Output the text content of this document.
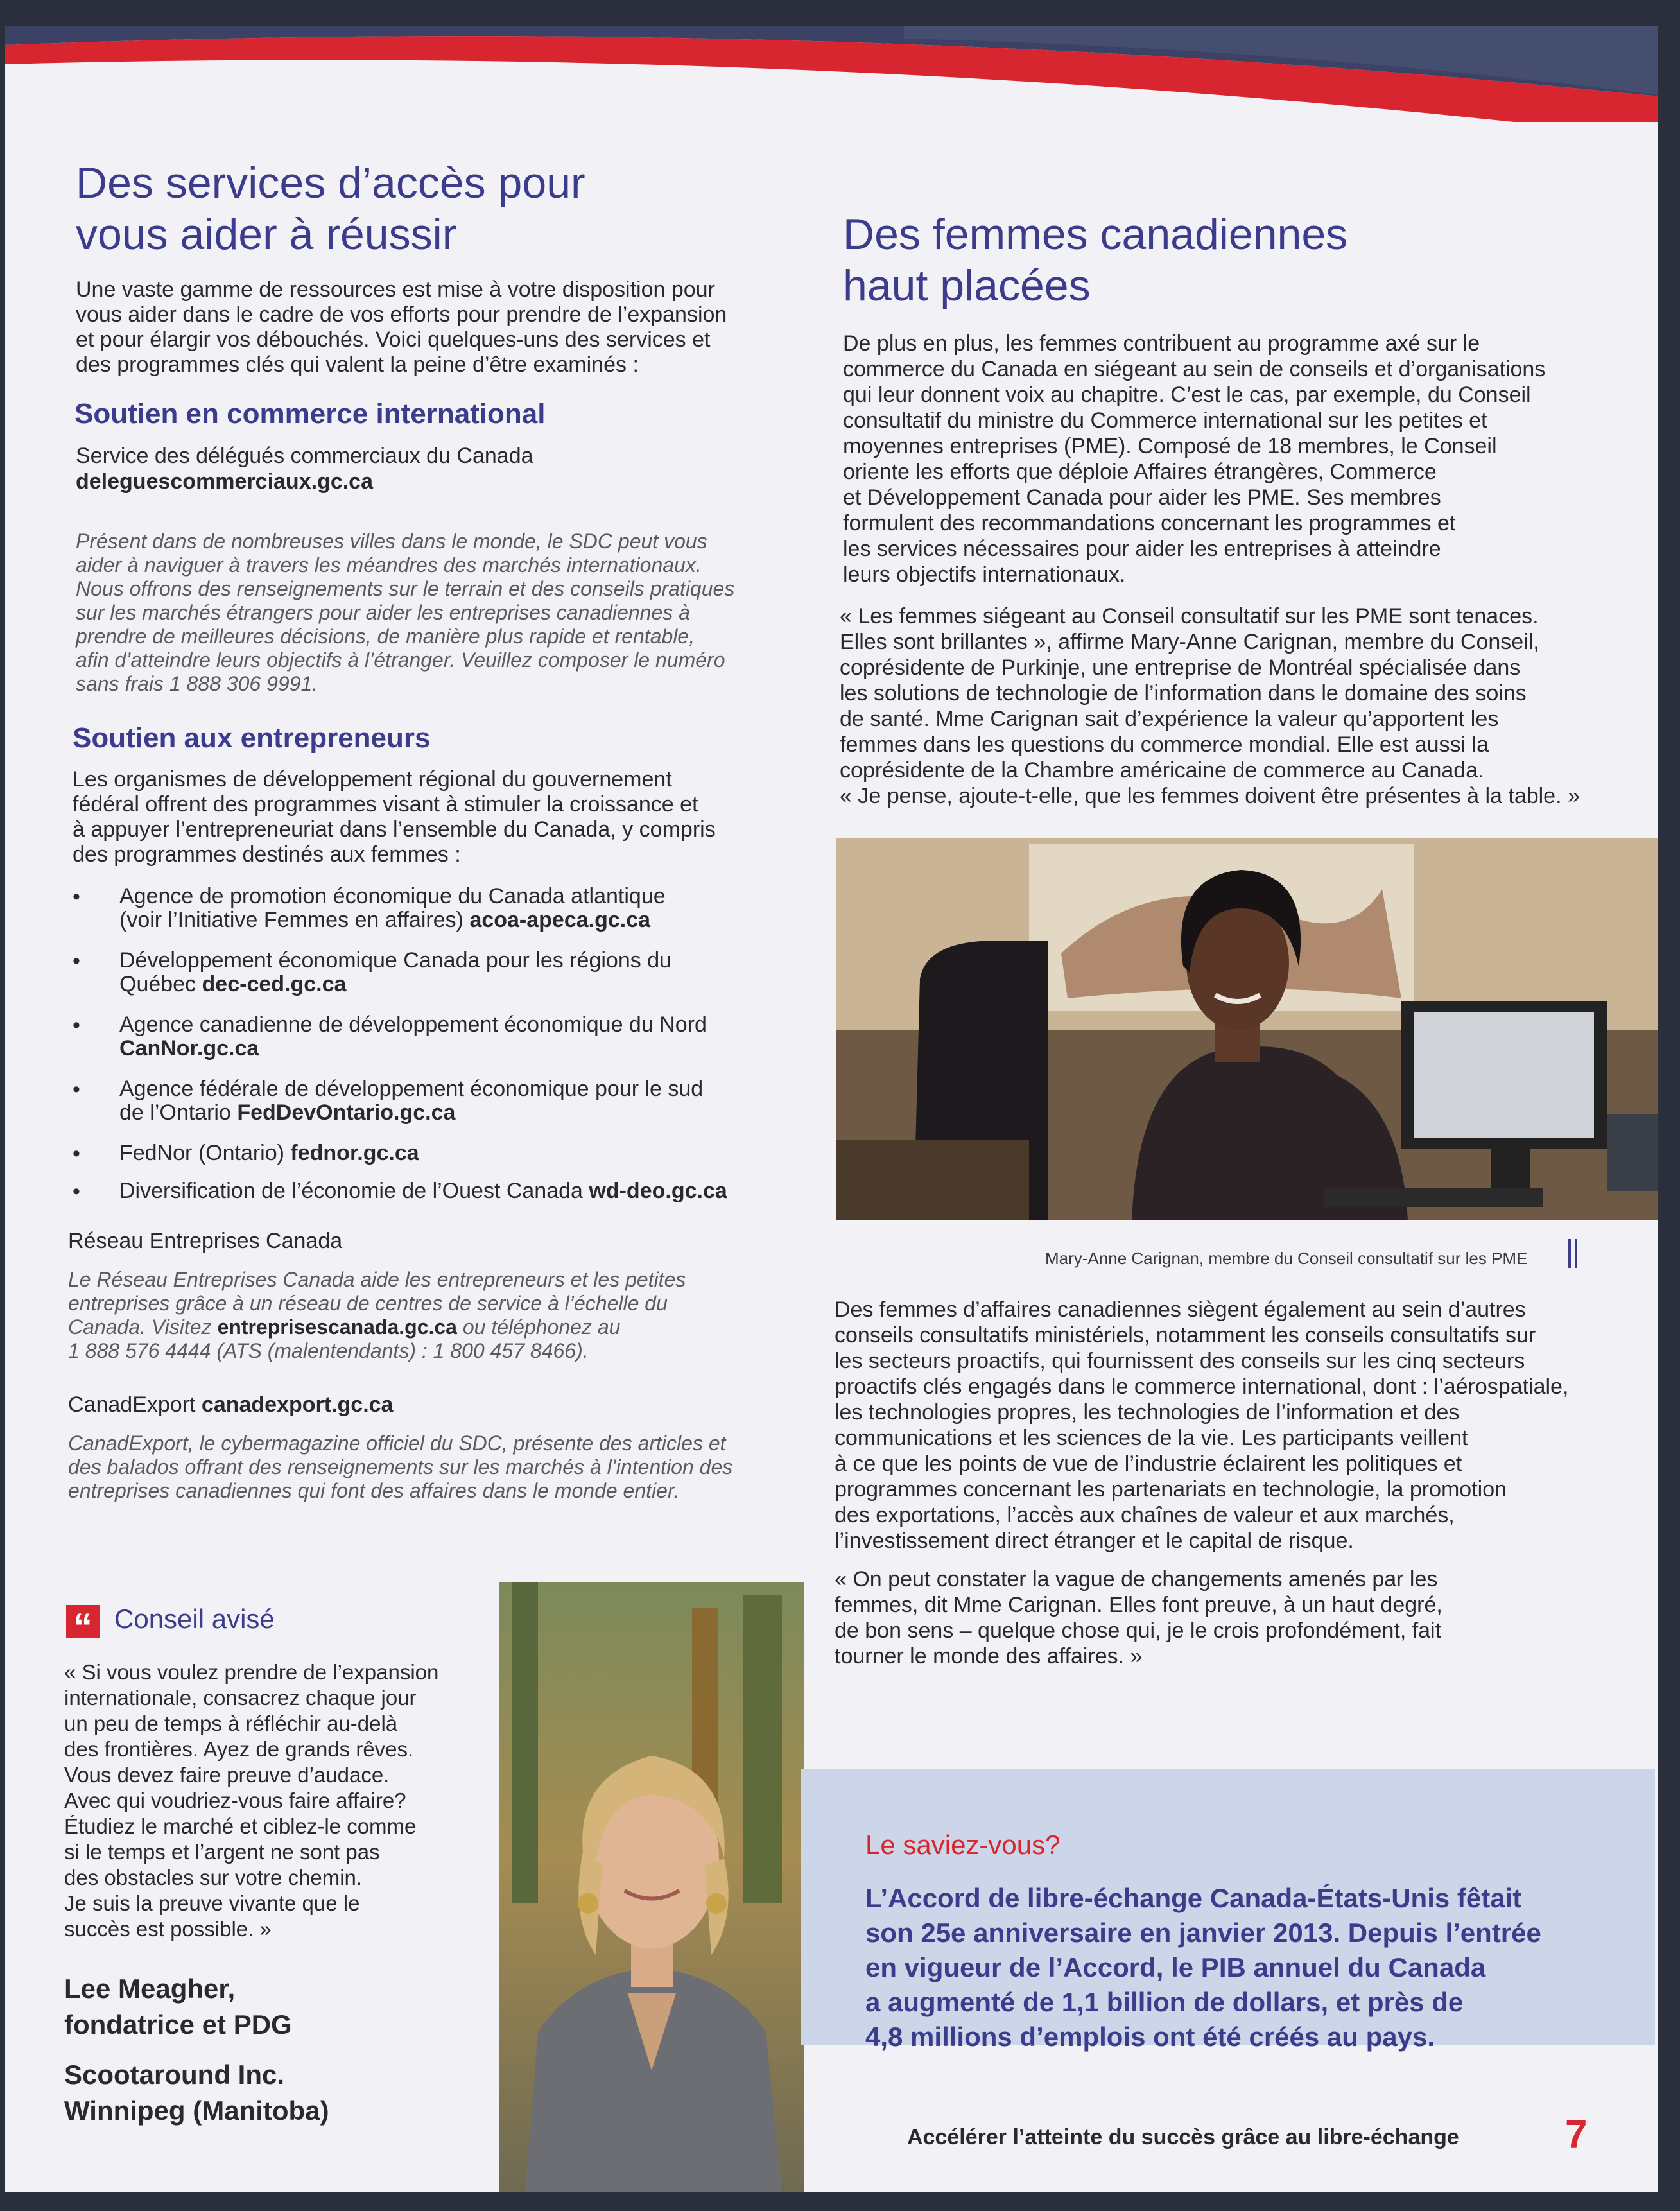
Des services d’accès pour
vous aider à réussir
Une vaste gamme de ressources est mise à votre disposition pour
vous aider dans le cadre de vos efforts pour prendre de l’expansion
et pour élargir vos débouchés. Voici quelques-uns des services et
des programmes clés qui valent la peine d’être examinés :
Soutien en commerce international
Service des délégués commerciaux du Canada
deleguescommerciaux.gc.ca
Présent dans de nombreuses villes dans le monde, le SDC peut vous
aider à naviguer à travers les méandres des marchés internationaux.
Nous offrons des renseignements sur le terrain et des conseils pratiques
sur les marchés étrangers pour aider les entreprises canadiennes à
prendre de meilleures décisions, de manière plus rapide et rentable,
afin d’atteindre leurs objectifs à l’étranger. Veuillez composer le numéro
sans frais 1 888 306 9991.
Soutien aux entrepreneurs
Les organismes de développement régional du gouvernement
fédéral offrent des programmes visant à stimuler la croissance et
à appuyer l’entrepreneuriat dans l’ensemble du Canada, y compris
des programmes destinés aux femmes :
• Agence de promotion économique du Canada atlantique
(voir l’Initiative Femmes en affaires) acoa-apeca.gc.ca
• Développement économique Canada pour les régions du
Québec dec-ced.gc.ca
• Agence canadienne de développement économique du Nord
CanNor.gc.ca
• Agence fédérale de développement économique pour le sud
de l’Ontario FedDevOntario.gc.ca
• FedNor (Ontario) fednor.gc.ca
• Diversification de l’économie de l’Ouest Canada wd-deo.gc.ca
Réseau Entreprises Canada
Le Réseau Entreprises Canada aide les entrepreneurs et les petites
entreprises grâce à un réseau de centres de service à l’échelle du
Canada. Visitez entreprisescanada.gc.ca ou téléphonez au
1 888 576 4444 (ATS (malentendants) : 1 800 457 8466).
CanadExport canadexport.gc.ca
CanadExport, le cybermagazine officiel du SDC, présente des articles et
des balados offrant des renseignements sur les marchés à l’intention des
entreprises canadiennes qui font des affaires dans le monde entier.
“ Conseil avisé
« Si vous voulez prendre de l’expansion
internationale, consacrez chaque jour
un peu de temps à réfléchir au-delà
des frontières. Ayez de grands rêves.
Vous devez faire preuve d’audace.
Avec qui voudriez-vous faire affaire?
Étudiez le marché et ciblez-le comme
si le temps et l’argent ne sont pas
des obstacles sur votre chemin.
Je suis la preuve vivante que le
succès est possible. »
Lee Meagher,
fondatrice et PDG
Scootaround Inc.
Winnipeg (Manitoba)
Des femmes canadiennes
haut placées
De plus en plus, les femmes contribuent au programme axé sur le
commerce du Canada en siégeant au sein de conseils et d’organisations
qui leur donnent voix au chapitre. C’est le cas, par exemple, du Conseil
consultatif du ministre du Commerce international sur les petites et
moyennes entreprises (PME). Composé de 18 membres, le Conseil
oriente les efforts que déploie Affaires étrangères, Commerce
et Développement Canada pour aider les PME. Ses membres
formulent des recommandations concernant les programmes et
les services nécessaires pour aider les entreprises à atteindre
leurs objectifs internationaux.
« Les femmes siégeant au Conseil consultatif sur les PME sont tenaces.
Elles sont brillantes », affirme Mary-Anne Carignan, membre du Conseil,
coprésidente de Purkinje, une entreprise de Montréal spécialisée dans
les solutions de technologie de l’information dans le domaine des soins
de santé. Mme Carignan sait d’expérience la valeur qu’apportent les
femmes dans les questions du commerce mondial. Elle est aussi la
coprésidente de la Chambre américaine de commerce au Canada.
« Je pense, ajoute-t-elle, que les femmes doivent être présentes à la table. »
Mary-Anne Carignan, membre du Conseil consultatif sur les PME
Des femmes d’affaires canadiennes siègent également au sein d’autres
conseils consultatifs ministériels, notamment les conseils consultatifs sur
les secteurs proactifs, qui fournissent des conseils sur les cinq secteurs
proactifs clés engagés dans le commerce international, dont : l’aérospatiale,
les technologies propres, les technologies de l’information et des
communications et les sciences de la vie. Les participants veillent
à ce que les points de vue de l’industrie éclairent les politiques et
programmes concernant les partenariats en technologie, la promotion
des exportations, l’accès aux chaînes de valeur et aux marchés,
l’investissement direct étranger et le capital de risque.
« On peut constater la vague de changements amenés par les
femmes, dit Mme Carignan. Elles font preuve, à un haut degré,
de bon sens – quelque chose qui, je le crois profondément, fait
tourner le monde des affaires. »
Le saviez-vous?
L’Accord de libre-échange Canada-États-Unis fêtait
son 25e anniversaire en janvier 2013. Depuis l’entrée
en vigueur de l’Accord, le PIB annuel du Canada
a augmenté de 1,1 billion de dollars, et près de
4,8 millions d’emplois ont été créés au pays.
Accélérer l’atteinte du succès grâce au libre-échange	7
